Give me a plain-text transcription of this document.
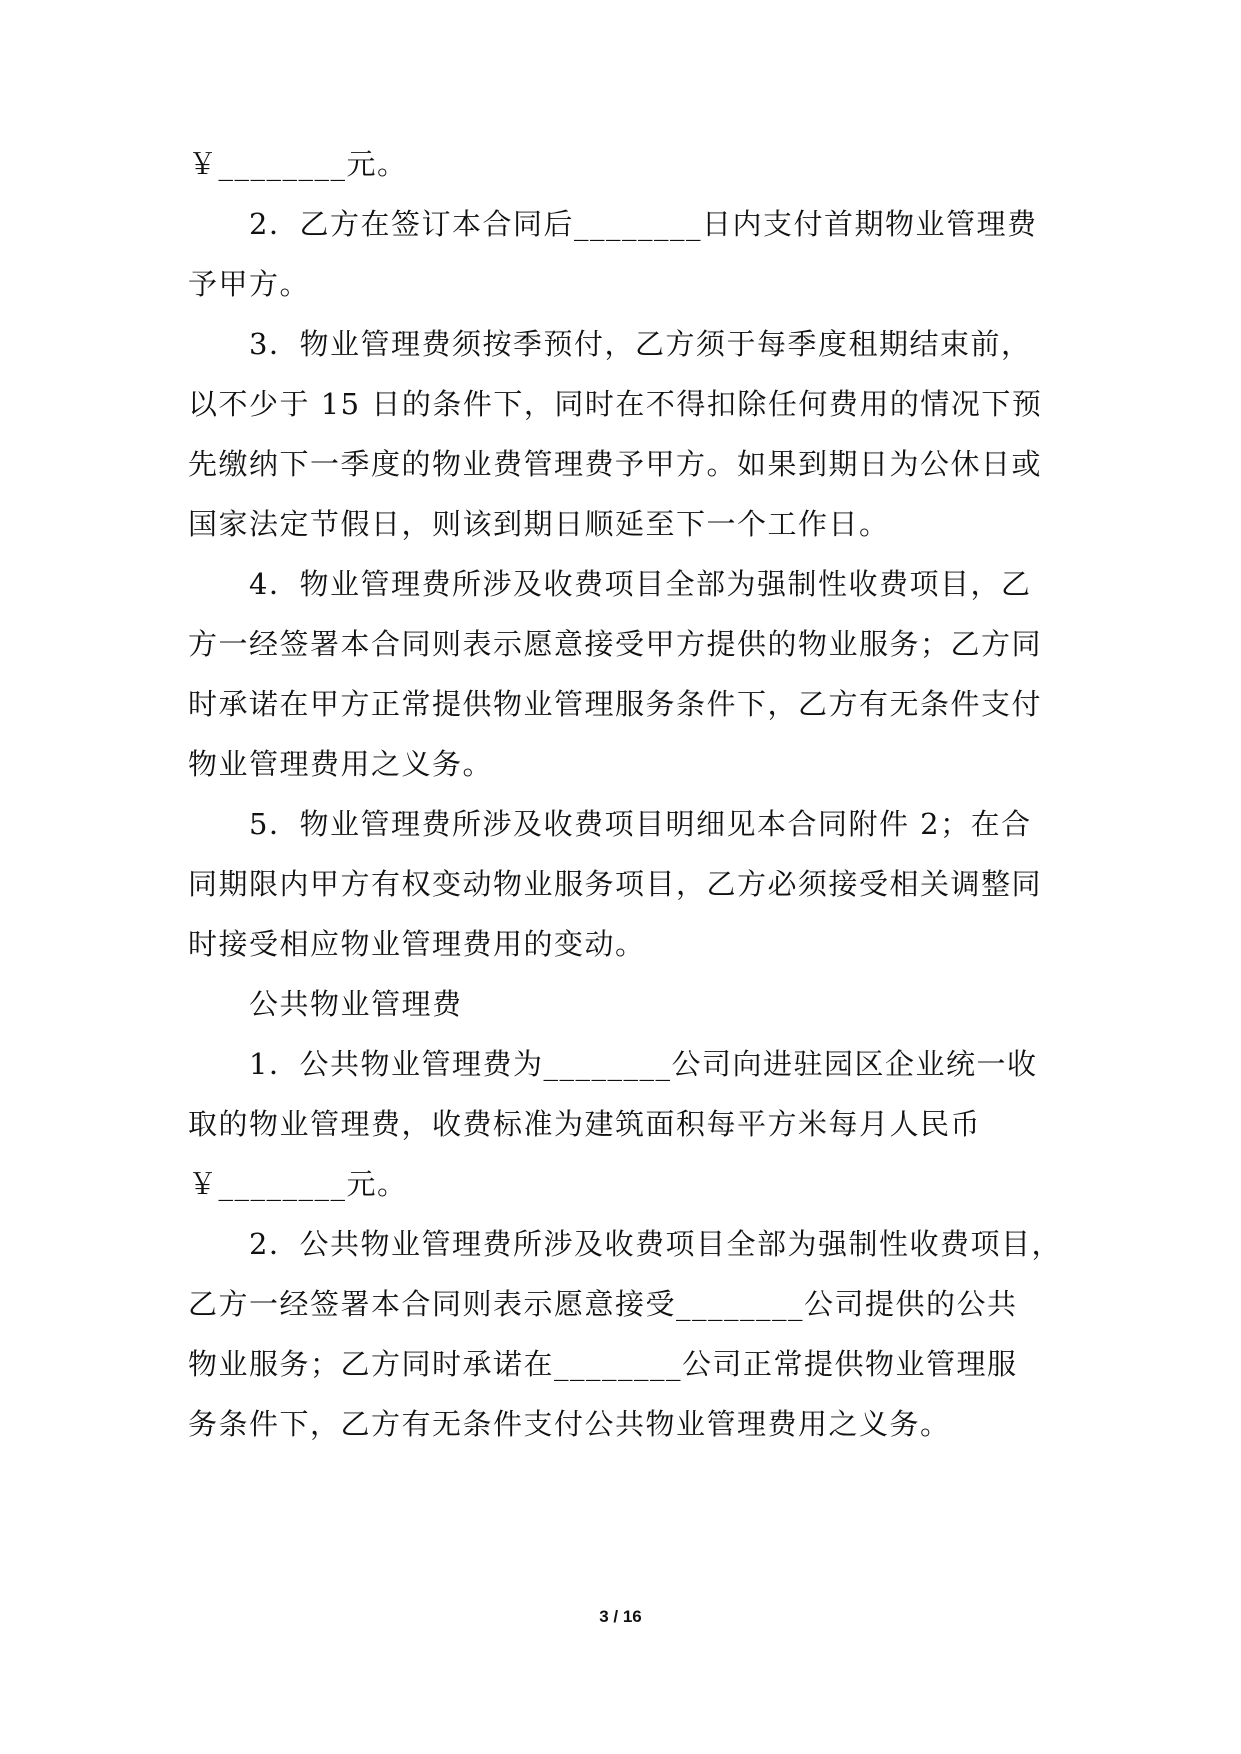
￥________元。
　　2．乙方在签订本合同后________日内支付首期物业管理费
予甲方。
　　3．物业管理费须按季预付，乙方须于每季度租期结束前，
以不少于 15 日的条件下，同时在不得扣除任何费用的情况下预
先缴纳下一季度的物业费管理费予甲方。如果到期日为公休日或
国家法定节假日，则该到期日顺延至下一个工作日。
　　4．物业管理费所涉及收费项目全部为强制性收费项目，乙
方一经签署本合同则表示愿意接受甲方提供的物业服务；乙方同
时承诺在甲方正常提供物业管理服务条件下，乙方有无条件支付
物业管理费用之义务。
　　5．物业管理费所涉及收费项目明细见本合同附件 2；在合
同期限内甲方有权变动物业服务项目，乙方必须接受相关调整同
时接受相应物业管理费用的变动。
　　公共物业管理费
　　1．公共物业管理费为________公司向进驻园区企业统一收
取的物业管理费，收费标准为建筑面积每平方米每月人民币
￥________元。
　　2．公共物业管理费所涉及收费项目全部为强制性收费项目，
乙方一经签署本合同则表示愿意接受________公司提供的公共
物业服务；乙方同时承诺在________公司正常提供物业管理服
务条件下，乙方有无条件支付公共物业管理费用之义务。
3 / 16
